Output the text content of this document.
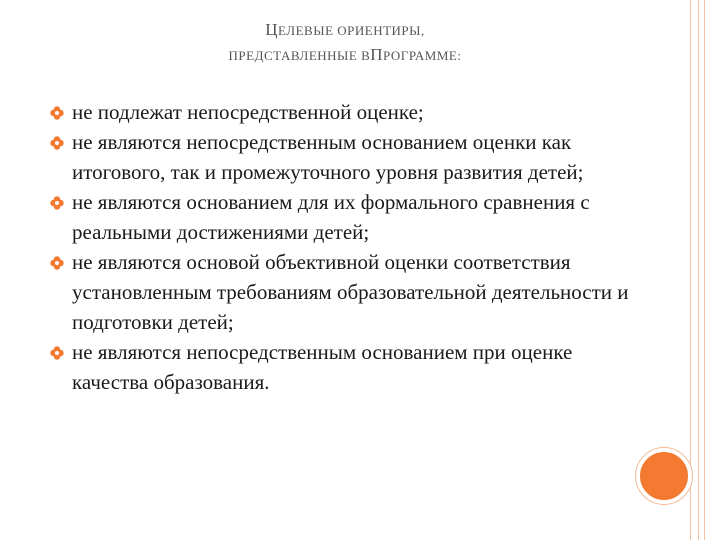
ЦЕЛЕВЫЕ ОРИЕНТИРЫ,
ПРЕДСТАВЛЕННЫЕ ВПРОГРАММЕ:
не подлежат непосредственной оценке;
не являются непосредственным основанием оценки как итогового, так и промежуточного уровня развития детей;
не являются основанием для их формального сравнения с реальными достижениями детей;
не являются основой объективной оценки соответствия установленным требованиям образовательной деятельности и подготовки детей;
не являются непосредственным основанием при оценке качества образования.
